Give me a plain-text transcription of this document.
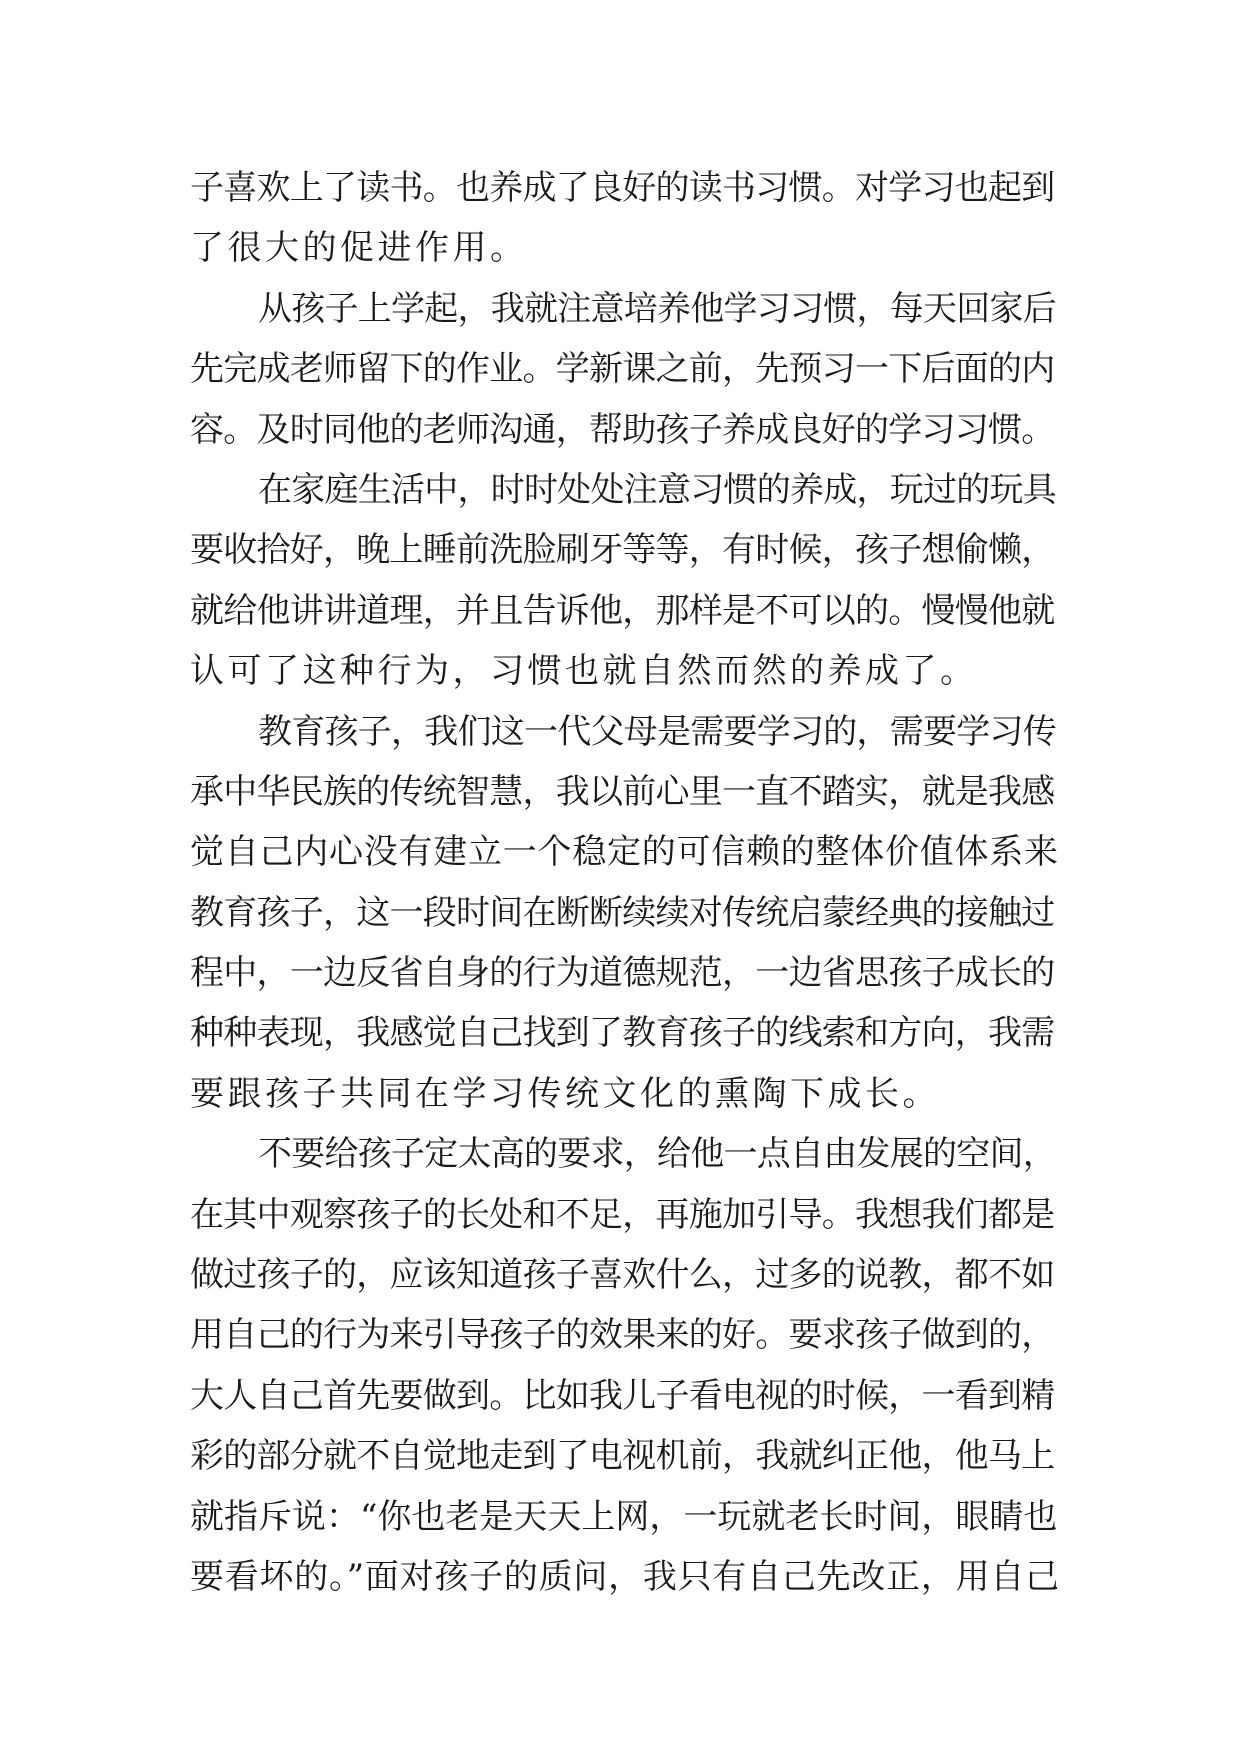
子喜欢上了读书。也养成了良好的读书习惯。对学习也起到
了很大的促进作用。
从孩子上学起，我就注意培养他学习习惯，每天回家后
先完成老师留下的作业。学新课之前，先预习一下后面的内
容。及时同他的老师沟通，帮助孩子养成良好的学习习惯。
在家庭生活中，时时处处注意习惯的养成，玩过的玩具
要收拾好，晚上睡前洗脸刷牙等等，有时候，孩子想偷懒，
就给他讲讲道理，并且告诉他，那样是不可以的。慢慢他就
认可了这种行为，习惯也就自然而然的养成了。
教育孩子，我们这一代父母是需要学习的，需要学习传
承中华民族的传统智慧，我以前心里一直不踏实，就是我感
觉自己内心没有建立一个稳定的可信赖的整体价值体系来
教育孩子，这一段时间在断断续续对传统启蒙经典的接触过
程中，一边反省自身的行为道德规范，一边省思孩子成长的
种种表现，我感觉自己找到了教育孩子的线索和方向，我需
要跟孩子共同在学习传统文化的熏陶下成长。
不要给孩子定太高的要求，给他一点自由发展的空间，
在其中观察孩子的长处和不足，再施加引导。我想我们都是
做过孩子的，应该知道孩子喜欢什么，过多的说教，都不如
用自己的行为来引导孩子的效果来的好。要求孩子做到的，
大人自己首先要做到。比如我儿子看电视的时候，一看到精
彩的部分就不自觉地走到了电视机前，我就纠正他，他马上
就指斥说：“你也老是天天上网，一玩就老长时间，眼睛也
要看坏的。”面对孩子的质问，我只有自己先改正，用自己
